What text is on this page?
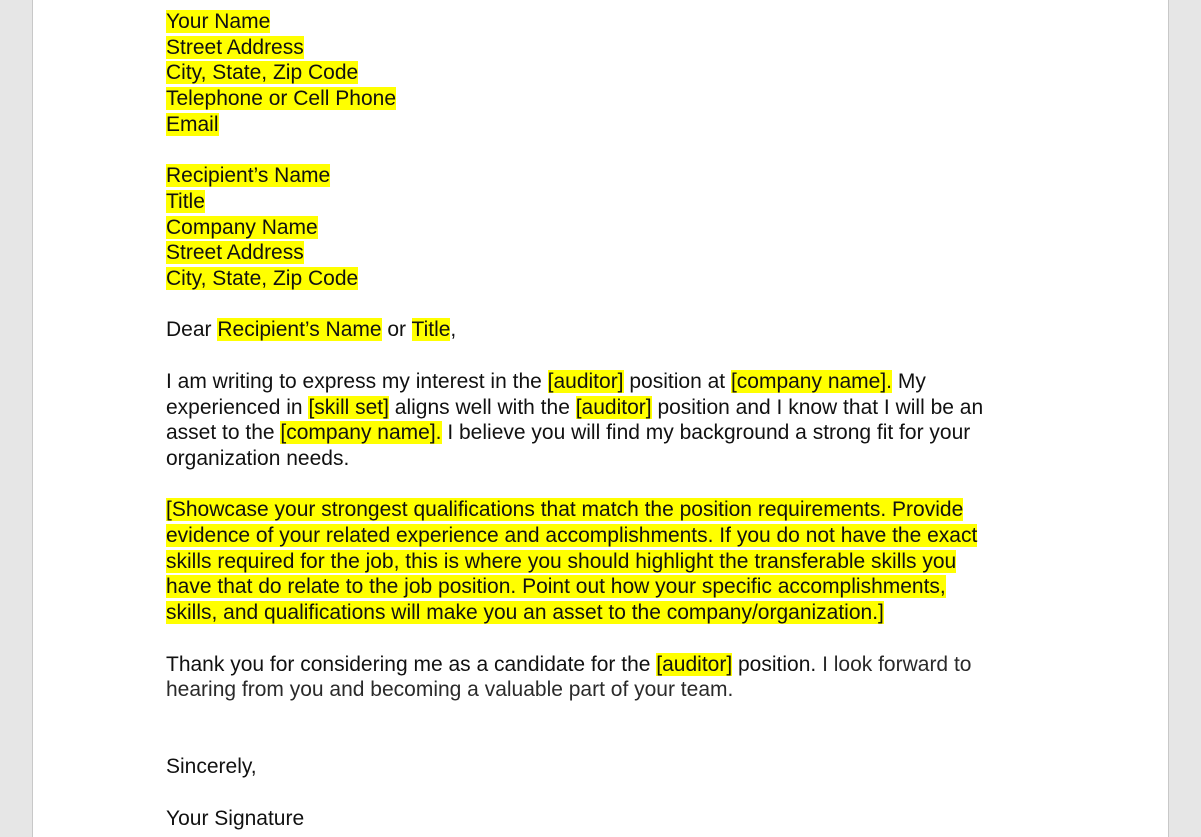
Your Name
Street Address
City, State, Zip Code
Telephone or Cell Phone
Email
Recipient’s Name
Title
Company Name
Street Address
City, State, Zip Code
Dear Recipient’s Name or Title,
I am writing to express my interest in the [auditor] position at [company name]. My
experienced in [skill set] aligns well with the [auditor] position and I know that I will be an
asset to the [company name]. I believe you will find my background a strong fit for your
organization needs.
[Showcase your strongest qualifications that match the position requirements. Provide
evidence of your related experience and accomplishments. If you do not have the exact
skills required for the job, this is where you should highlight the transferable skills you
have that do relate to the job position. Point out how your specific accomplishments,
skills, and qualifications will make you an asset to the company/organization.]
Thank you for considering me as a candidate for the [auditor] position. I look forward to
hearing from you and becoming a valuable part of your team.
Sincerely,
Your Signature
